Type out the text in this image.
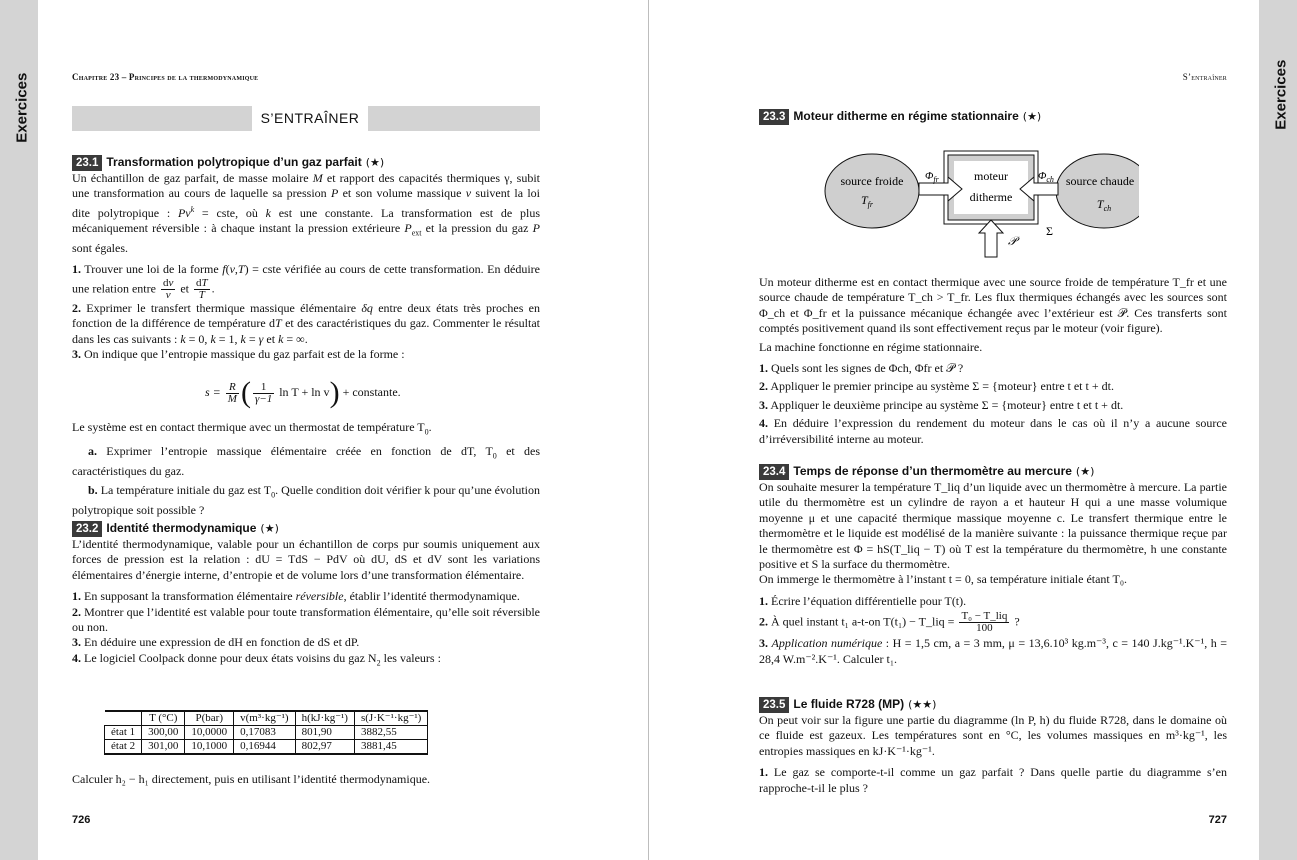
Exercices	Exercices
Chapitre 23 – Principes de la thermodynamique
S’ENTRAÎNER
23.1 Transformation polytropique d’un gaz parfait (★)

Un échantillon de gaz parfait, de masse molaire M et rapport des capacités thermiques γ, subit une transformation au cours de laquelle sa pression P et son volume massique v suivent la loi dite polytropique : $Pv^k$ = cste, où k est une constante. La transformation est de plus mécaniquement réversible : à chaque instant la pression extérieure $P_{ext}$ et la pression du gaz P sont égales.

1. Trouver une loi de la forme f(v,T) = cste vérifiée au cours de cette transformation. En déduire une relation entre $\frac{dv}{v}$ et $\frac{dT}{T}$ .

2. Exprimer le transfert thermique massique élémentaire δq entre deux états très proches en fonction de la différence de température dT et des caractéristiques du gaz. Commenter le résultat dans les cas suivants : k = 0, k = 1, k = γ et k = ∞.

3. On indique que l’entropie massique du gaz parfait est de la forme :

$s = \frac{R}{M}$ ( $\frac{1}{\gamma-1}$ ln T + ln v) + constante.

Le système est en contact thermique avec un thermostat de température $T_0$.

a. Exprimer l’entropie massique élémentaire créée en fonction de dT, $T_0$ et des caractéristiques du gaz.

b. La température initiale du gaz est $T_0$. Quelle condition doit vérifier k pour qu’une évolution polytropique soit possible ?

23.2 Identité thermodynamique (★)

L’identité thermodynamique, valable pour un échantillon de corps pur soumis uniquement aux forces de pression est la relation : dU = TdS − PdV où dU, dS et dV sont les variations élémentaires d’énergie interne, d’entropie et de volume lors d’une transformation élémentaire.

1. En supposant la transformation élémentaire réversible, établir l’identité thermodynamique.

2. Montrer que l’identité est valable pour toute transformation élémentaire, qu’elle soit réversible ou non.

3. En déduire une expression de dH en fonction de dS et dP.

4. Le logiciel Coolpack donne pour deux états voisins du gaz $N_2$ les valeurs :

	T (°C)	P(bar)	v(m³·kg⁻¹)	h(kJ·kg⁻¹)	s(J·K⁻¹·kg⁻¹)
état 1	300,00	10,0000	0,17083	801,90	3882,55
état 2	301,00	10,1000	0,16944	802,97	3881,45
Calculer h₂ − h₁ directement, puis en utilisant l’identité thermodynamique.
726
S’entraîner
23.3 Moteur ditherme en régime stationnaire (★)
source froide
$T_{fr}$
source chaude
$T_{ch}$
moteur
ditherme
$\Phi_{fr}$	$\Phi_{ch}$
𝒫
Σ

Un moteur ditherme est en contact thermique avec une source froide de température T_fr et une source chaude de température T_ch > T_fr. Les flux thermiques échangés avec les sources sont Φ_ch et Φ_fr et la puissance mécanique échangée avec l’extérieur est 𝒫. Ces transferts sont comptés positivement quand ils sont effectivement reçus par le moteur (voir figure).

La machine fonctionne en régime stationnaire.

1. Quels sont les signes de Φch, Φfr et 𝒫 ?

2. Appliquer le premier principe au système Σ = {moteur} entre t et t + dt.

3. Appliquer le deuxième principe au système Σ = {moteur} entre t et t + dt.

4. En déduire l’expression du rendement du moteur dans le cas où il n’y a aucune source d’irréversibilité interne au moteur.

23.4 Temps de réponse d’un thermomètre au mercure (★)

On souhaite mesurer la température T_liq d’un liquide avec un thermomètre à mercure. La partie utile du thermomètre est un cylindre de rayon a et hauteur H qui a une masse volumique moyenne μ et une capacité thermique massique moyenne c. Le transfert thermique entre le thermomètre et le liquide est modélisé de la manière suivante : la puissance thermique reçue par le thermomètre est Φ = hS(T_liq − T) où T est la température du thermomètre, h une constante positive et S la surface du thermomètre.

On immerge le thermomètre à l’instant t = 0, sa température initiale étant T₀.

1. Écrire l’équation différentielle pour T(t).

2. À quel instant t₁ a-t-on T(t₁) − T_liq = $\frac{\text{T₀ − T\_liq}}{100}$ ?

3. Application numérique : H = 1,5 cm, a = 3 mm, μ = 13,6.10³ kg.m⁻³, c = 140 J.kg⁻¹.K⁻¹, h = 28,4 W.m⁻².K⁻¹. Calculer t₁.

23.5 Le fluide R728 (MP) (★★)

On peut voir sur la figure une partie du diagramme (ln P, h) du fluide R728, dans le domaine où ce fluide est gazeux. Les températures sont en °C, les volumes massiques en m³·kg⁻¹, les entropies massiques en kJ·K⁻¹·kg⁻¹.

1. Le gaz se comporte-t-il comme un gaz parfait ? Dans quelle partie du diagramme s’en rapproche-t-il le plus ?

727
